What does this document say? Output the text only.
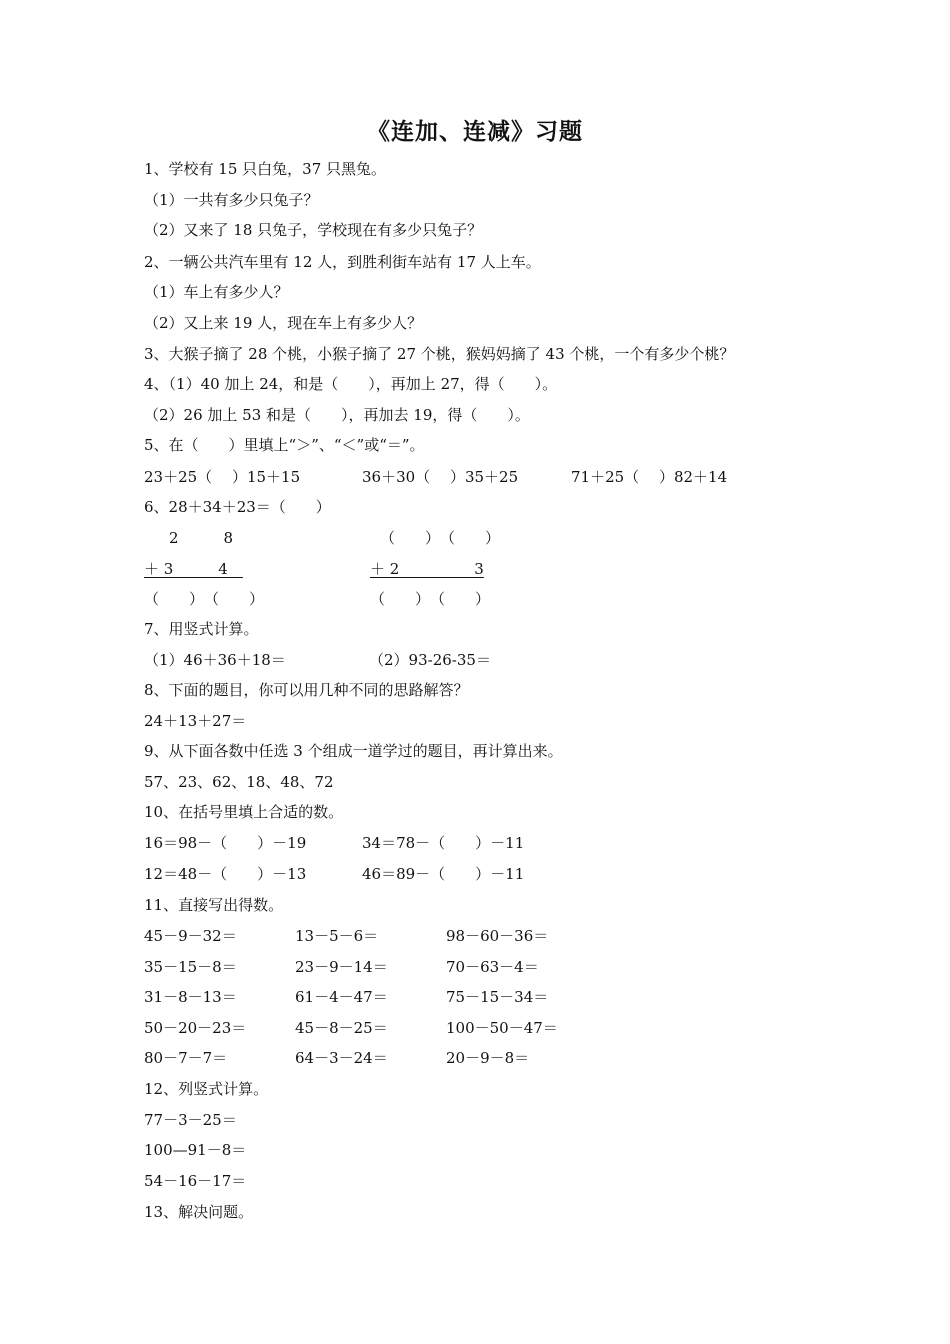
《连加、连减》习题
1、学校有 15 只白兔，37 只黑兔。
（1）一共有多少只兔子？
（2）又来了 18 只兔子，学校现在有多少只兔子？
2、一辆公共汽车里有 12 人，到胜利街车站有 17 人上车。
（1）车上有多少人？
（2）又上来 19 人，现在车上有多少人？
3、大猴子摘了 28 个桃，小猴子摘了 27 个桃，猴妈妈摘了 43 个桃，一个有多少个桃？
4、（1）40 加上 24，和是（　　），再加上 27，得（　　）。
（2）26 加上 53 和是（　　），再加去 19，得（　　）。
5、在（　　）里填上“＞”、“＜”或“＝”。
23＋25（　 ）15＋15	36＋30（　 ）35＋25	71＋25（　 ）82＋14
6、28＋34＋23＝（　　）
2　　　8	（　　）　（　　）
＋ 3　　　4　	＋ 2　　　　　3
（　　）　（　　）	（　　）　（　　）
7、用竖式计算。
（1）46＋36＋18＝	（2）93-26-35＝
8、下面的题目，你可以用几种不同的思路解答？
24＋13＋27＝
9、从下面各数中任选 3 个组成一道学过的题目，再计算出来。
57、23、62、18、48、72
10、在括号里填上合适的数。
16＝98－（　　）－19	34＝78－（　　）－11
12＝48－（　　）－13	46＝89－（　　）－11
11、直接写出得数。
45－9－32＝	13－5－6＝	98－60－36＝
35－15－8＝	23－9－14＝	70－63－4＝
31－8－13＝	61－4－47＝	75－15－34＝
50－20－23＝	45－8－25＝	100－50－47＝
80－7－7＝	64－3－24＝	20－9－8＝
12、列竖式计算。
77－3－25＝
100—91－8＝
54－16－17＝
13、解决问题。
